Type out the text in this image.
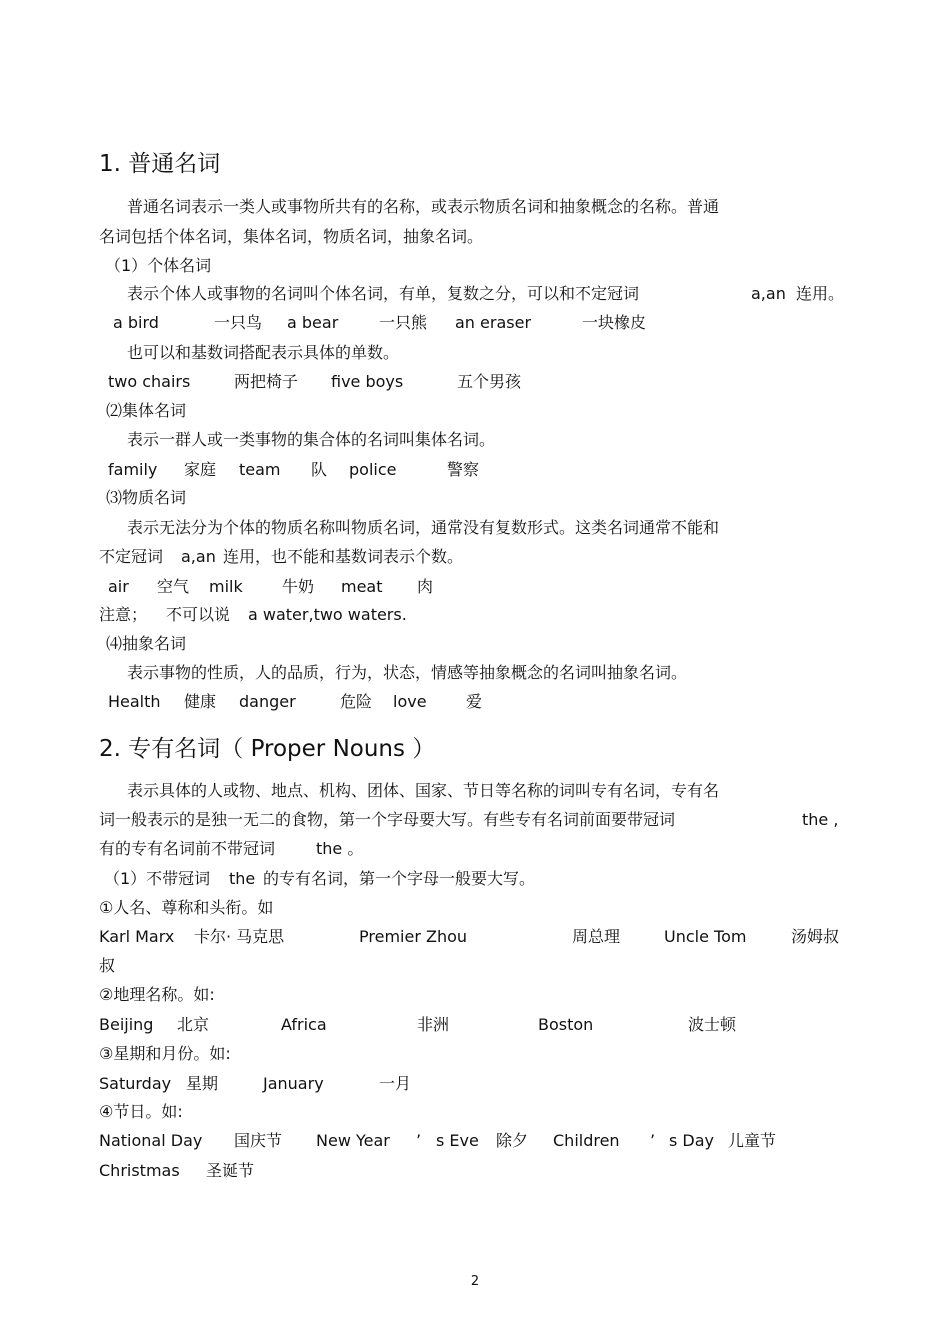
1. 普通名词
普通名词表示一类人或事物所共有的名称，或表示物质名词和抽象概念的名称。普通
名词包括个体名词，集体名词，物质名词，抽象名词。
（1）个体名词
表示个体人或事物的名词叫个体名词，有单，复数之分，可以和不定冠词	a,an 连用。
a bird	一只鸟 a bear	一只熊 an eraser	一块橡皮
也可以和基数词搭配表示具体的单数。
two chairs	两把椅子 five boys	五个男孩
⑵集体名词
表示一群人或一类事物的集合体的名词叫集体名词。
family 家庭 team 队 police	警察
⑶物质名词
表示无法分为个体的物质名称叫物质名词，通常没有复数形式。这类名词通常不能和
不定冠词 a,an 连用，也不能和基数词表示个数。
air 空气 milk 牛奶 meat 肉
注意； 不可以说 a water,two waters.
⑷抽象名词
表示事物的性质，人的品质，行为，状态，情感等抽象概念的名词叫抽象名词。
Health 健康 danger	危险 love 爱
2. 专有名词（ Proper Nouns ）
表示具体的人或物、地点、机构、团体、国家、节日等名称的词叫专有名词，专有名
词一般表示的是独一无二的食物，第一个字母要大写。有些专有名词前面要带冠词	the ,
有的专有名词前不带冠词	the 。
（1）不带冠词 the 的专有名词，第一个字母一般要大写。
①人名、尊称和头衔。如
Karl Marx 卡尔· 马克思	Premier Zhou	周总理	Uncle Tom	汤姆叔
叔
②地理名称。如:
Beijing 北京	Africa	非洲	Boston	波士顿
③星期和月份。如:
Saturday 星期	January	一月
④节日。如:
National Day 国庆节 New Year ’ s Eve 除夕 Children ’ s Day 儿童节
Christmas 圣诞节
2
